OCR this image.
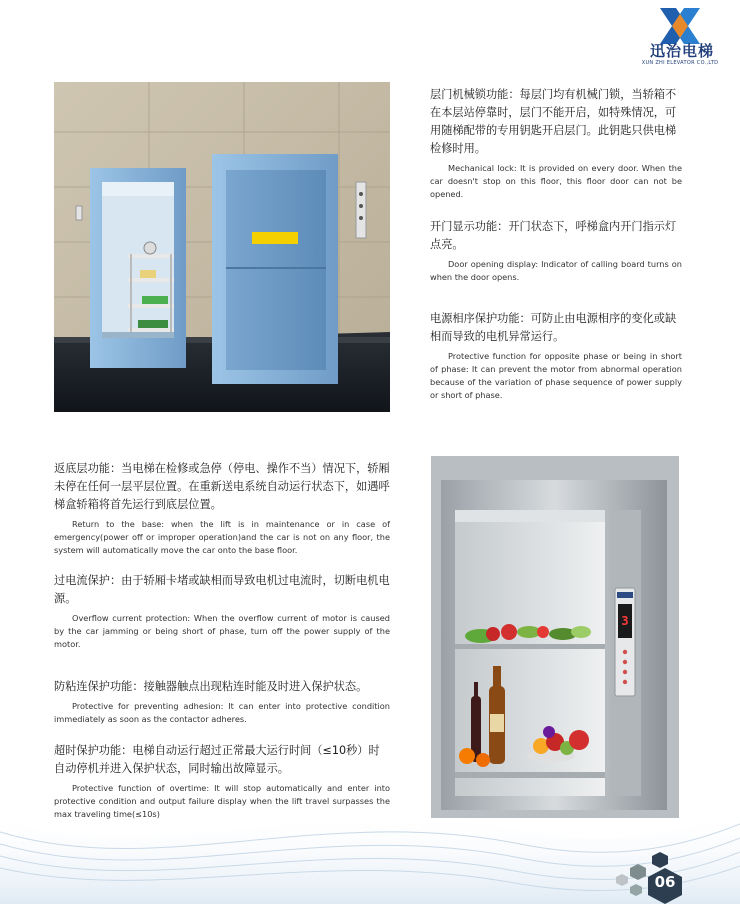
迅治电梯
XUN ZHI ELEVATOR CO.,LTD

层门机械锁功能：每层门均有机械门锁，当轿箱不在本层站停靠时，层门不能开启，如特殊情况，可用随梯配带的专用钥匙开启层门。此钥匙只供电梯检修时用。

Mechanical lock: It is provided on every door. When the car doesn't stop on this floor, this floor door can not be opened.

开门显示功能：开门状态下，呼梯盒内开门指示灯点亮。

Door opening display: Indicator of calling board turns on when the door opens.

电源相序保护功能：可防止由电源相序的变化或缺相而导致的电机异常运行。

Protective function for opposite phase or being in short of phase: It can prevent the motor from abnormal operation because of the variation of phase sequence of power supply or short of phase.

返底层功能：当电梯在检修或急停（停电、操作不当）情况下，轿厢未停在任何一层平层位置。在重新送电系统自动运行状态下，如遇呼梯盒轿箱将首先运行到底层位置。

Return to the base: when the lift is in maintenance or in case of emergency(power off or improper operation)and the car is not on any floor, the system will automatically move the car onto the base floor.

过电流保护：由于轿厢卡堵或缺相而导致电机过电流时，切断电机电源。

Overflow current protection: When the overflow current of motor is caused by the car jamming or being short of phase, turn off the power supply of the motor.

防粘连保护功能：接触器触点出现粘连时能及时进入保护状态。

Protective for preventing adhesion: It can enter into protective condition immediately as soon as the contactor adheres.

超时保护功能：电梯自动运行超过正常最大运行时间（≤10秒）时自动停机并进入保护状态，同时输出故障显示。

Protective function of overtime: It will stop automatically and enter into protective condition and output failure display when the lift travel surpasses the max traveling time(≤10s)

3
06
